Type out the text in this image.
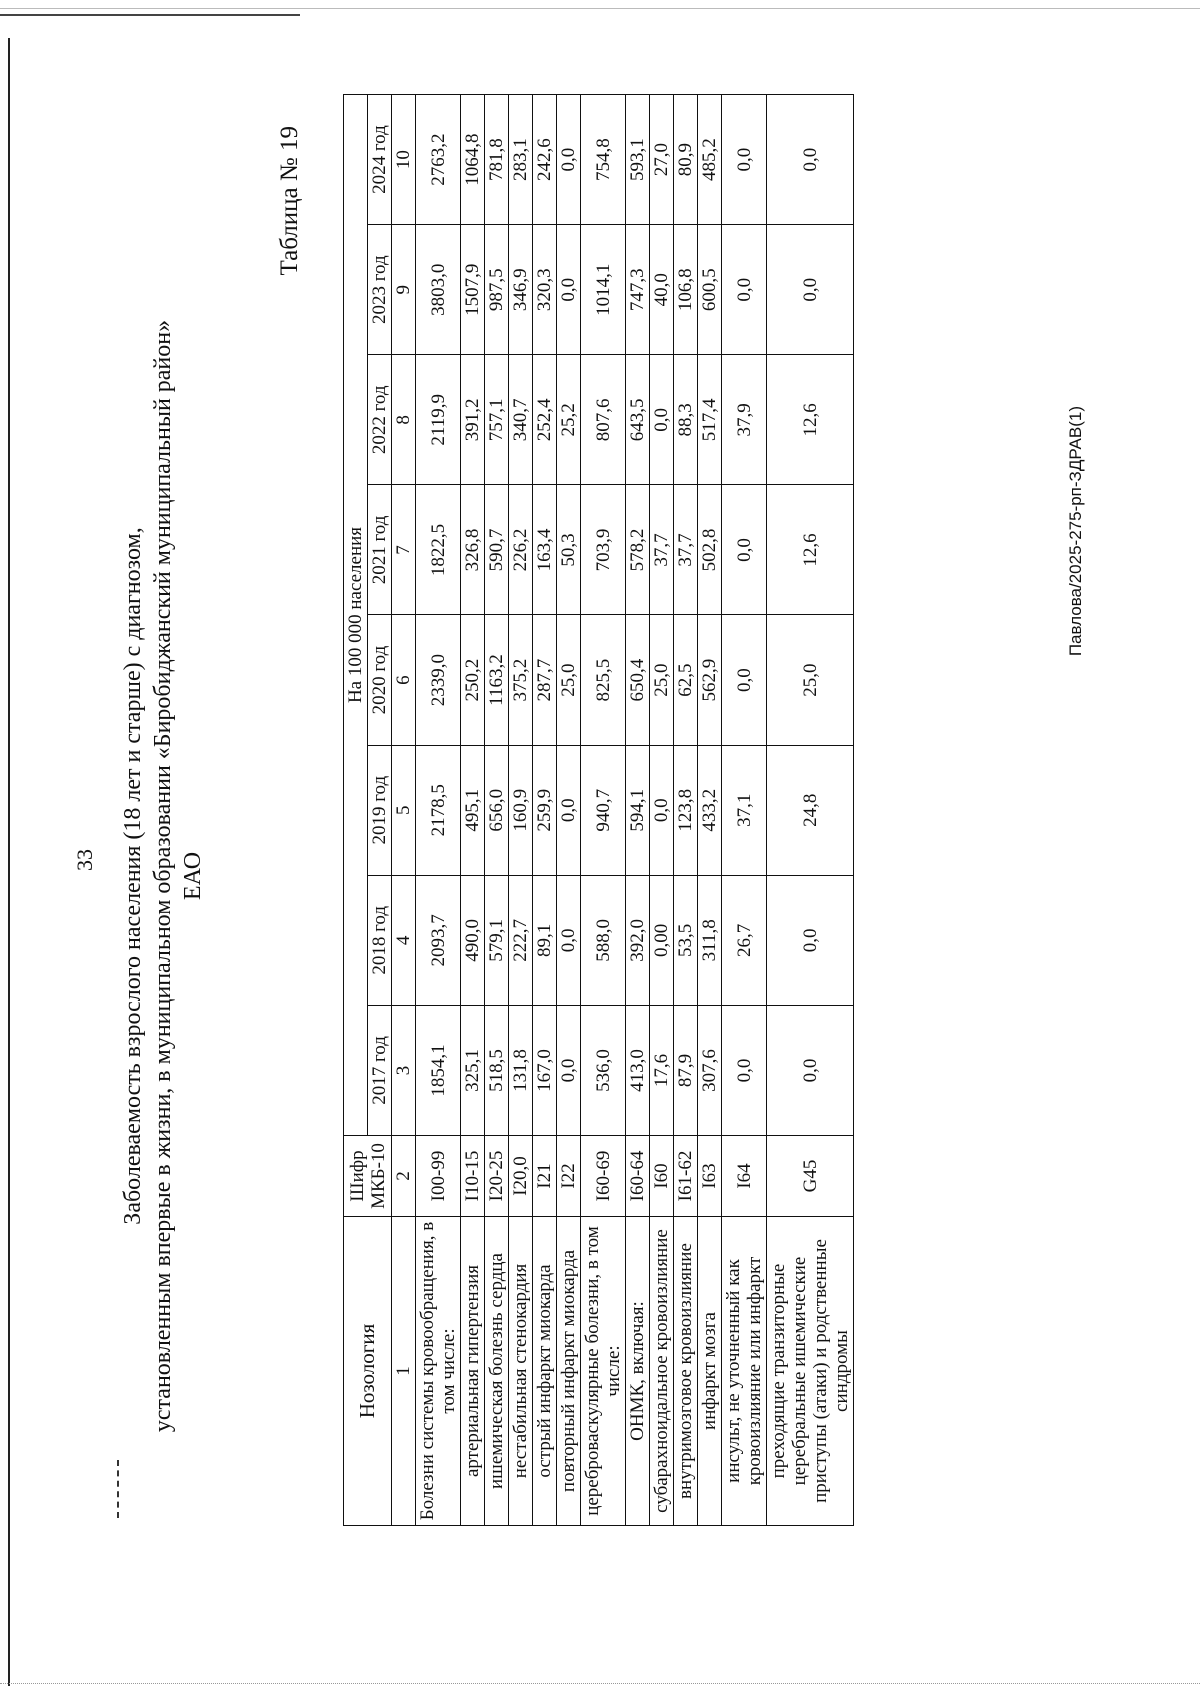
33 Заболеваемость взрослого населения (18 лет и старше) с диагнозом, установленным впервые в жизни, в муниципальном образовании «Биробиджанский муниципальный район» ЕАО
Таблица № 19
Нозология	Шифр МКБ-10	На 100 000 населения							
		2017 год	2018 год	2019 год	2020 год	2021 год	2022 год	2023 год	2024 год
1	2	3	4	5	6	7	8	9	10
Болезни системы кровообращения, в том числе:	I00-99	1854,1	2093,7	2178,5	2339,0	1822,5	2119,9	3803,0	2763,2
артериальная гипертензия	I10-15	325,1	490,0	495,1	250,2	326,8	391,2	1507,9	1064,8
ишемическая болезнь сердца	I20-25	518,5	579,1	656,0	1163,2	590,7	757,1	987,5	781,8
нестабильная стенокардия	I20,0	131,8	222,7	160,9	375,2	226,2	340,7	346,9	283,1
острый инфаркт миокарда	I21	167,0	89,1	259,9	287,7	163,4	252,4	320,3	242,6
повторный инфаркт миокарда	I22	0,0	0,0	0,0	25,0	50,3	25,2	0,0	0,0
цереброваскулярные болезни, в том числе:	I60-69	536,0	588,0	940,7	825,5	703,9	807,6	1014,1	754,8
ОНМК, включая:	I60-64	413,0	392,0	594,1	650,4	578,2	643,5	747,3	593,1
субарахноидальное кровоизлияние	I60	17,6	0,00	0,0	25,0	37,7	0,0	40,0	27,0
внутримозговое кровоизлияние	I61-62	87,9	53,5	123,8	62,5	37,7	88,3	106,8	80,9
инфаркт мозга	I63	307,6	311,8	433,2	562,9	502,8	517,4	600,5	485,2
инсульт, не уточненный как кровоизлияние или инфаркт	I64	0,0	26,7	37,1	0,0	0,0	37,9	0,0	0,0
преходящие транзиторные церебральные ишемические приступы (атаки) и родственные синдромы	G45	0,0	0,0	24,8	25,0	12,6	12,6	0,0	0,0
Павлова/2025-275-рп-ЗДРАВ(1)
